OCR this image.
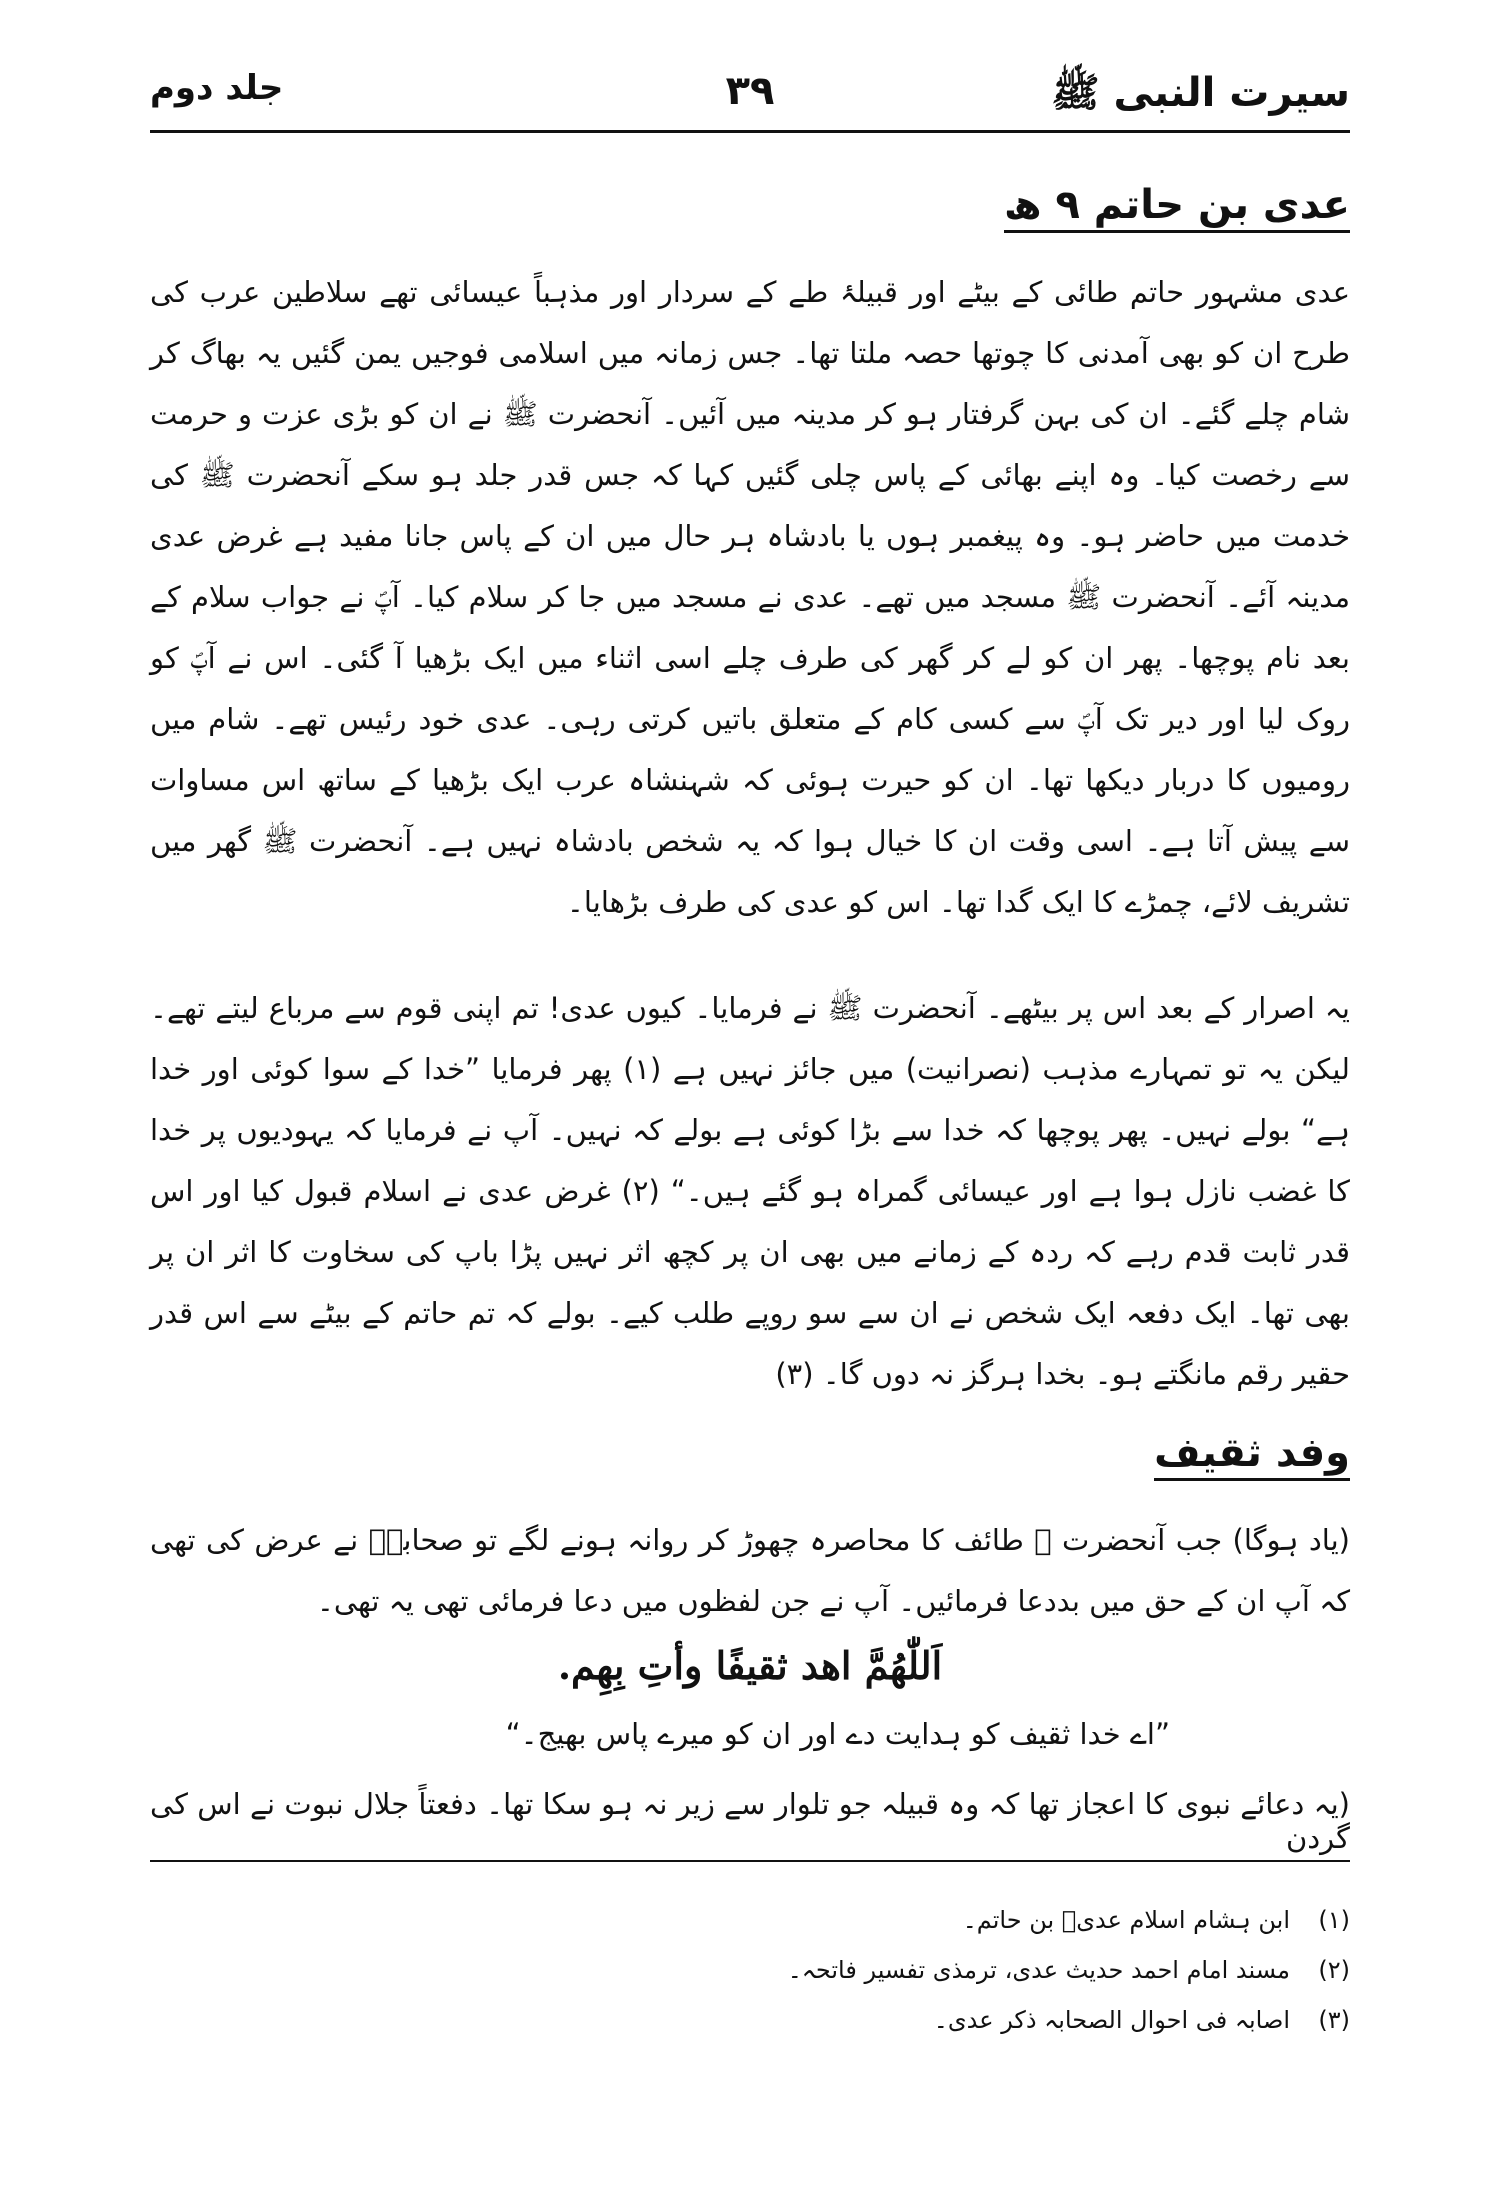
سیرت النبی ﷺ
۳۹
جلد دوم
عدی بن حاتم ۹ ھ
عدی مشہور حاتم طائی کے بیٹے اور قبیلۂ طے کے سردار اور مذہباً عیسائی تھے سلاطین عرب کی طرح ان کو بھی آمدنی کا چوتھا حصہ ملتا تھا۔ جس زمانہ میں اسلامی فوجیں یمن گئیں یہ بھاگ کر شام چلے گئے۔ ان کی بہن گرفتار ہو کر مدینہ میں آئیں۔ آنحضرت ﷺ نے ان کو بڑی عزت و حرمت سے رخصت کیا۔ وہ اپنے بھائی کے پاس چلی گئیں کہا کہ جس قدر جلد ہو سکے آنحضرت ﷺ کی خدمت میں حاضر ہو۔ وہ پیغمبر ہوں یا بادشاہ ہر حال میں ان کے پاس جانا مفید ہے غرض عدی مدینہ آئے۔ آنحضرت ﷺ مسجد میں تھے۔ عدی نے مسجد میں جا کر سلام کیا۔ آپؐ نے جواب سلام کے بعد نام پوچھا۔ پھر ان کو لے کر گھر کی طرف چلے اسی اثناء میں ایک بڑھیا آ گئی۔ اس نے آپؐ کو روک لیا اور دیر تک آپؐ سے کسی کام کے متعلق باتیں کرتی رہی۔ عدی خود رئیس تھے۔ شام میں رومیوں کا دربار دیکھا تھا۔ ان کو حیرت ہوئی کہ شہنشاہ عرب ایک بڑھیا کے ساتھ اس مساوات سے پیش آتا ہے۔ اسی وقت ان کا خیال ہوا کہ یہ شخص بادشاہ نہیں ہے۔ آنحضرت ﷺ گھر میں تشریف لائے، چمڑے کا ایک گدا تھا۔ اس کو عدی کی طرف بڑھایا۔
یہ اصرار کے بعد اس پر بیٹھے۔ آنحضرت ﷺ نے فرمایا۔ کیوں عدی! تم اپنی قوم سے مرباع لیتے تھے۔ لیکن یہ تو تمہارے مذہب (نصرانیت) میں جائز نہیں ہے (۱) پھر فرمایا ”خدا کے سوا کوئی اور خدا ہے“ بولے نہیں۔ پھر پوچھا کہ خدا سے بڑا کوئی ہے بولے کہ نہیں۔ آپ نے فرمایا کہ یہودیوں پر خدا کا غضب نازل ہوا ہے اور عیسائی گمراہ ہو گئے ہیں۔“ (۲) غرض عدی نے اسلام قبول کیا اور اس قدر ثابت قدم رہے کہ ردہ کے زمانے میں بھی ان پر کچھ اثر نہیں پڑا باپ کی سخاوت کا اثر ان پر بھی تھا۔ ایک دفعہ ایک شخص نے ان سے سو روپے طلب کیے۔ بولے کہ تم حاتم کے بیٹے سے اس قدر حقیر رقم مانگتے ہو۔ بخدا ہرگز نہ دوں گا۔ (۳)
وفد ثقیف
(یاد ہوگا) جب آنحضرت ﷺ طائف کا محاصرہ چھوڑ کر روانہ ہونے لگے تو صحابہؓ نے عرض کی تھی کہ آپ ان کے حق میں بددعا فرمائیں۔ آپ نے جن لفظوں میں دعا فرمائی تھی یہ تھی۔
اَللّٰھُمَّ اھد ثقیفًا وأتِ بِھِم.
”اے خدا ثقیف کو ہدایت دے اور ان کو میرے پاس بھیج۔“
(یہ دعائے نبوی کا اعجاز تھا کہ وہ قبیلہ جو تلوار سے زیر نہ ہو سکا تھا۔ دفعتاً جلال نبوت نے اس کی گردن
(۱)
ابن ہشام اسلام عدیؓ بن حاتم۔
(۲)
مسند امام احمد حدیث عدی، ترمذی تفسیر فاتحہ۔
(۳)
اصابہ فی احوال الصحابہ ذکر عدی۔
